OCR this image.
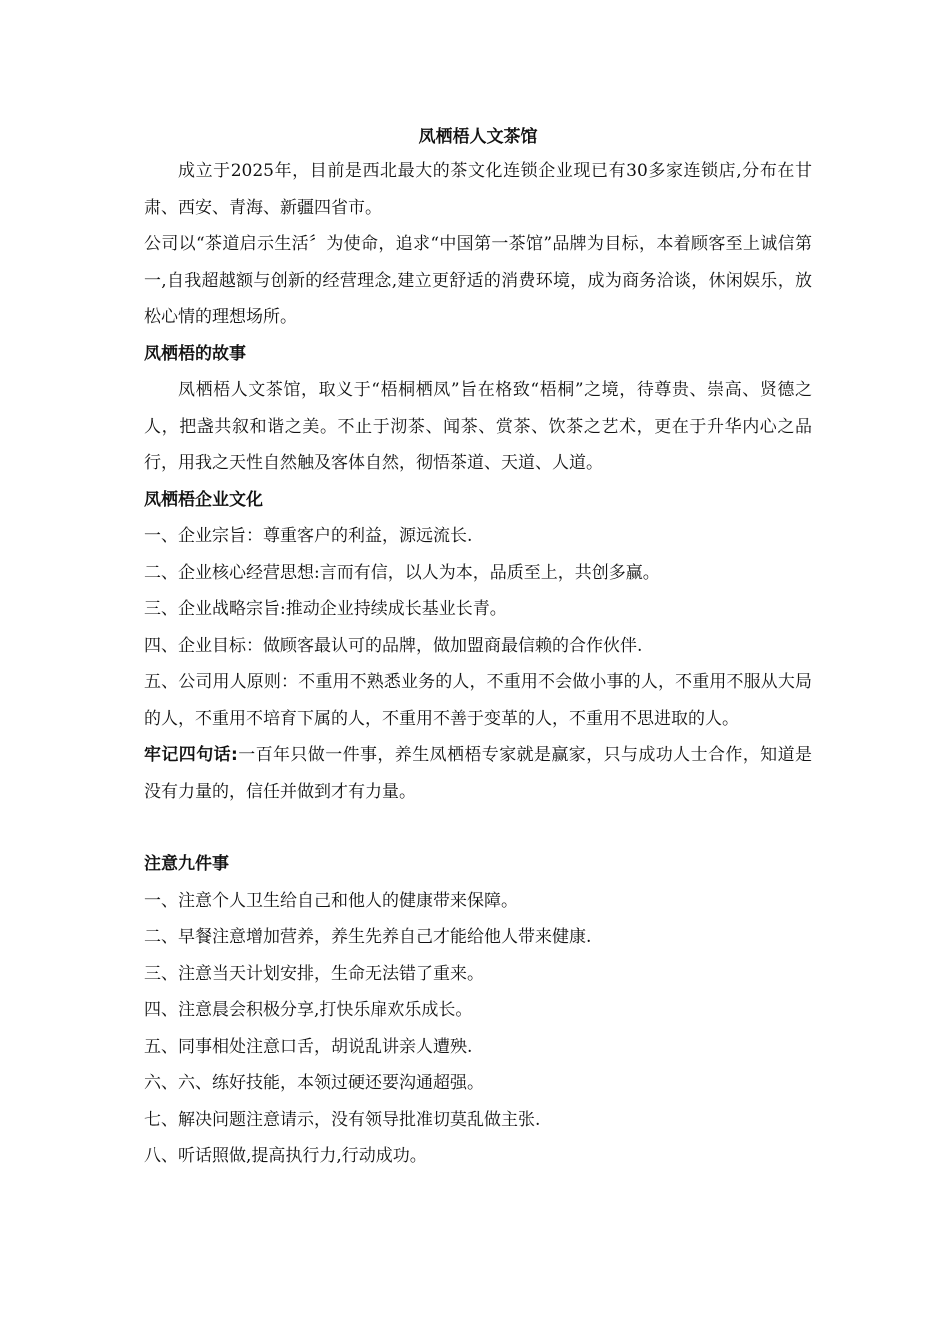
凤栖梧人文茶馆

成立于2025年，目前是西北最大的茶文化连锁企业现已有30多家连锁店,分布在甘肃、西安、青海、新疆四省市。

公司以“茶道启示生活〞为使命，追求“中国第一茶馆”品牌为目标，本着顾客至上诚信第一,自我超越额与创新的经营理念,建立更舒适的消费环境，成为商务洽谈，休闲娱乐，放松心情的理想场所。

凤栖梧的故事

凤栖梧人文茶馆，取义于“梧桐栖凤”旨在格致“梧桐”之境，待尊贵、崇高、贤德之人，把盏共叙和谐之美。不止于沏茶、闻茶、赏茶、饮茶之艺术，更在于升华内心之品行，用我之天性自然触及客体自然，彻悟茶道、天道、人道。

凤栖梧企业文化

一、企业宗旨：尊重客户的利益，源远流长.

二、企业核心经营思想:言而有信，以人为本，品质至上，共创多赢。

三、企业战略宗旨:推动企业持续成长基业长青。

四、企业目标：做顾客最认可的品牌，做加盟商最信赖的合作伙伴.

五、公司用人原则：不重用不熟悉业务的人，不重用不会做小事的人，不重用不服从大局的人，不重用不培育下属的人，不重用不善于变革的人，不重用不思进取的人。

牢记四句话:一百年只做一件事，养生凤栖梧专家就是赢家，只与成功人士合作，知道是没有力量的，信任并做到才有力量。

注意九件事

一、注意个人卫生给自己和他人的健康带来保障。

二、早餐注意增加营养，养生先养自己才能给他人带来健康.

三、注意当天计划安排，生命无法错了重来。

四、注意晨会积极分享,打快乐扉欢乐成长。

五、同事相处注意口舌，胡说乱讲亲人遭殃.

六、六、练好技能，本领过硬还要沟通超强。

七、解决问题注意请示，没有领导批准切莫乱做主张.

八、听话照做,提高执行力,行动成功。
